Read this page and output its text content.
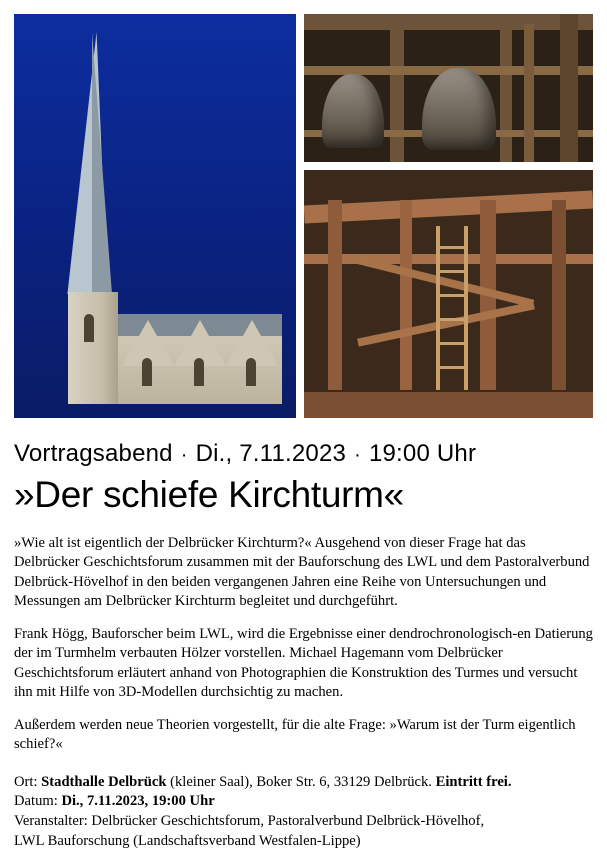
Vortragsabend · Di., 7.11.2023 · 19:00 Uhr
»Der schiefe Kirchturm«

»Wie alt ist eigentlich der Delbrücker Kirchturm?« Ausgehend von dieser Frage hat das Delbrücker Geschichtsforum zusammen mit der Bauforschung des LWL und dem Pastoralverbund Delbrück-Hövelhof in den beiden vergangenen Jahren eine Reihe von Untersuchungen und Messungen am Delbrücker Kirchturm begleitet und durchgeführt.

Frank Högg, Bauforscher beim LWL, wird die Ergebnisse einer dendrochronologisch-en Datierung der im Turmhelm verbauten Hölzer vorstellen. Michael Hagemann vom Delbrücker Geschichtsforum erläutert anhand von Photographien die Konstruktion des Turmes und versucht ihn mit Hilfe von 3D-Modellen durchsichtig zu machen.

Außerdem werden neue Theorien vorgestellt, für die alte Frage: »Warum ist der Turm eigentlich schief?«

Ort: Stadthalle Delbrück (kleiner Saal), Boker Str. 6, 33129 Delbrück. Eintritt frei.
Datum: Di., 7.11.2023, 19:00 Uhr
Veranstalter: Delbrücker Geschichtsforum, Pastoralverbund Delbrück-Hövelhof,
LWL Bauforschung (Landschaftsverband Westfalen-Lippe)
